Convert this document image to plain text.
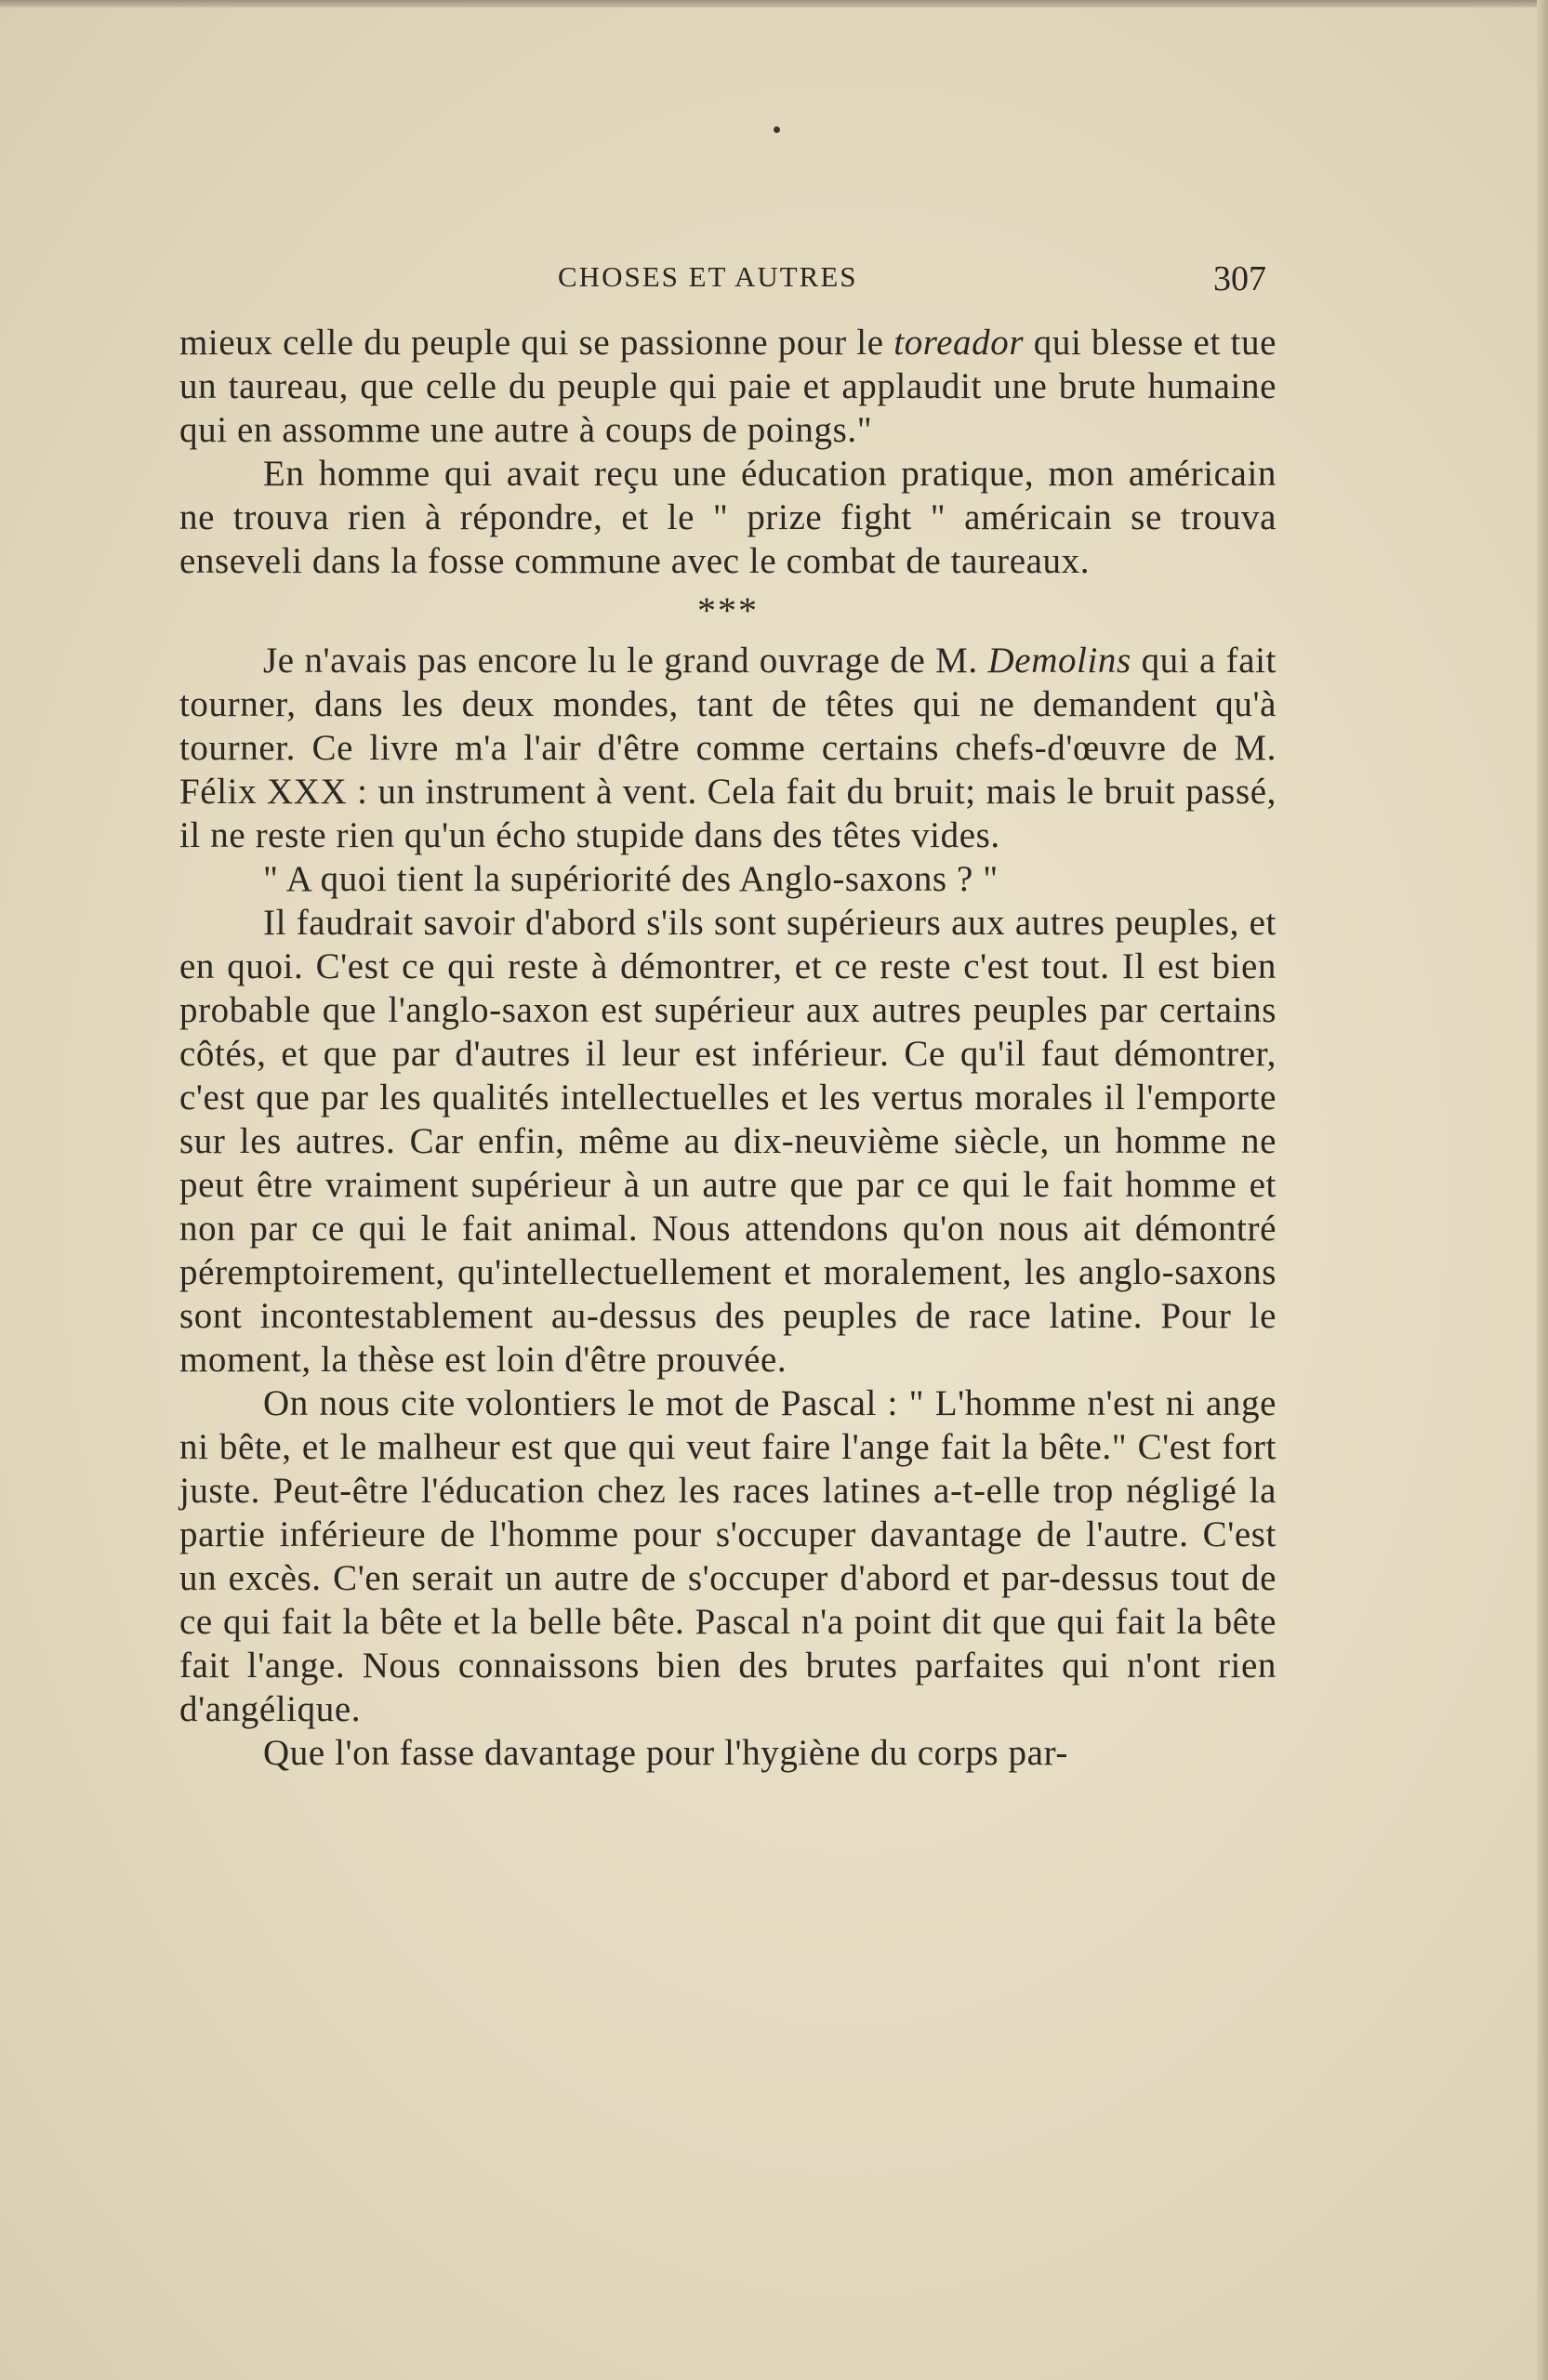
CHOSES ET AUTRES	307

mieux celle du peuple qui se passionne pour le toreador qui blesse et tue un taureau, que celle du peuple qui paie et applaudit une brute humaine qui en assomme une autre à coups de poings."

En homme qui avait reçu une éducation pratique, mon américain ne trouva rien à répondre, et le " prize fight " américain se trouva enseveli dans la fosse commune avec le combat de taureaux.

***

Je n'avais pas encore lu le grand ouvrage de M. Demolins qui a fait tourner, dans les deux mondes, tant de têtes qui ne demandent qu'à tourner. Ce livre m'a l'air d'être comme certains chefs-d'œuvre de M. Félix XXX : un instrument à vent. Cela fait du bruit; mais le bruit passé, il ne reste rien qu'un écho stupide dans des têtes vides.

" A quoi tient la supériorité des Anglo-saxons ? "

Il faudrait savoir d'abord s'ils sont supérieurs aux autres peuples, et en quoi. C'est ce qui reste à démontrer, et ce reste c'est tout. Il est bien probable que l'anglo-saxon est supérieur aux autres peuples par certains côtés, et que par d'autres il leur est inférieur. Ce qu'il faut démontrer, c'est que par les qualités intellectuelles et les vertus morales il l'emporte sur les autres. Car enfin, même au dix-neuvième siècle, un homme ne peut être vraiment supérieur à un autre que par ce qui le fait homme et non par ce qui le fait animal. Nous attendons qu'on nous ait démontré péremptoirement, qu'intellectuellement et moralement, les anglo-saxons sont incontestablement au-dessus des peuples de race latine. Pour le moment, la thèse est loin d'être prouvée.

On nous cite volontiers le mot de Pascal : " L'homme n'est ni ange ni bête, et le malheur est que qui veut faire l'ange fait la bête." C'est fort juste. Peut-être l'éducation chez les races latines a-t-elle trop négligé la partie inférieure de l'homme pour s'occuper davantage de l'autre. C'est un excès. C'en serait un autre de s'occuper d'abord et par-dessus tout de ce qui fait la bête et la belle bête. Pascal n'a point dit que qui fait la bête fait l'ange. Nous connaissons bien des brutes parfaites qui n'ont rien d'angélique.

Que l'on fasse davantage pour l'hygiène du corps par-
